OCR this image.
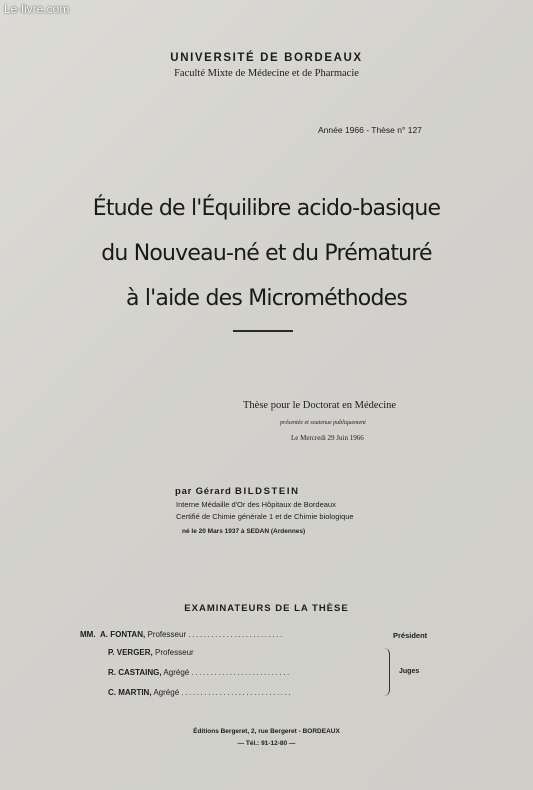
Le-livre.com
UNIVERSITÉ DE BORDEAUX
Faculté Mixte de Médecine et de Pharmacie
Année 1966 - Thèse n° 127
Étude de l'Équilibre acido-basique
du Nouveau-né et du Prématuré
à l'aide des Microméthodes
Thèse pour le Doctorat en Médecine
présentée et soutenue publiquement
Le Mercredi 29 Juin 1966
par Gérard BILDSTEIN
Interne Médaille d'Or des Hôpitaux de Bordeaux
Certifié de Chimie générale 1 et de Chimie biologique
né le 20 Mars 1937 à SEDAN (Ardennes)
EXAMINATEURS DE LA THÈSE
MM. A. FONTAN, Professeur .........................
P. VERGER, Professeur
R. CASTAING, Agrégé ..........................
C. MARTIN, Agrégé .............................
Président
Juges
Éditions Bergeret, 2, rue Bergeret - BORDEAUX
— Tél.: 91-12-80 —
